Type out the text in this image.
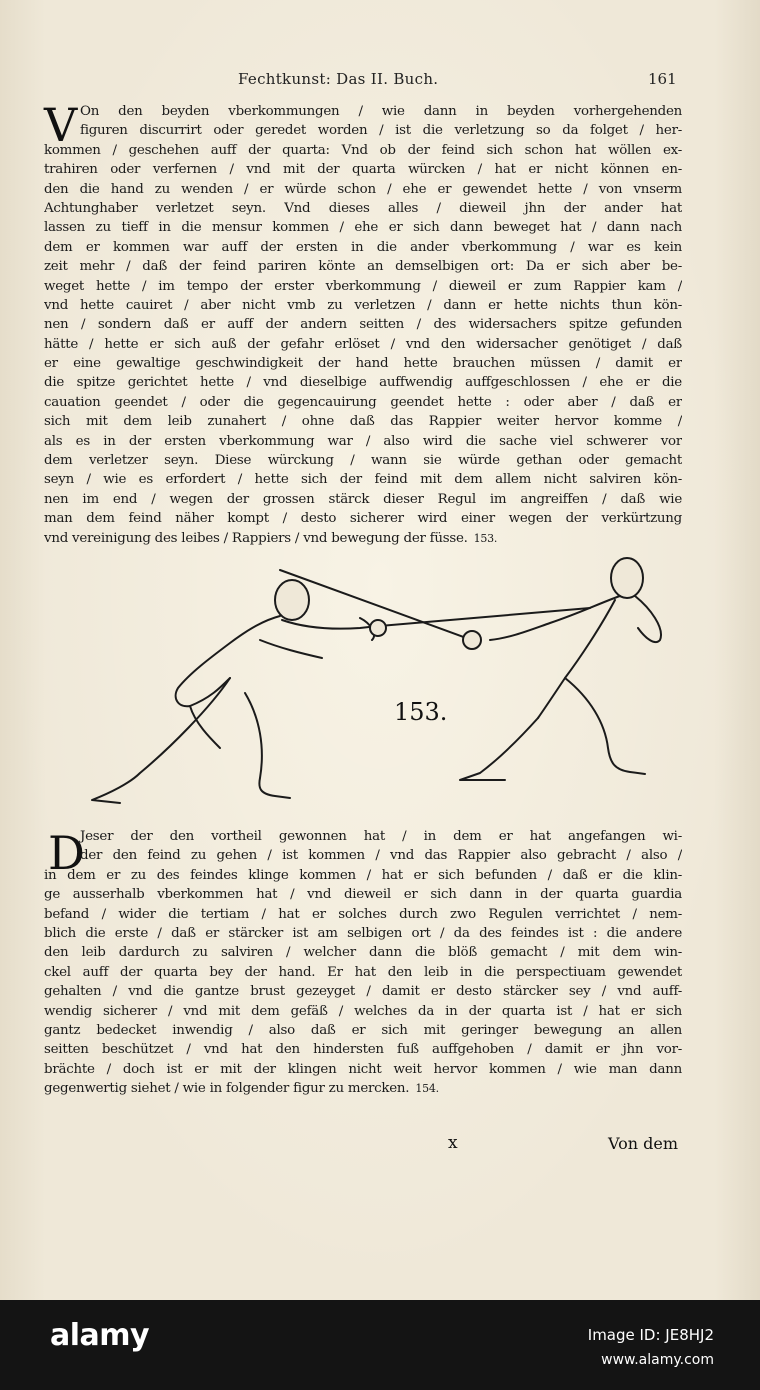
Fechtkunst: Das II. Buch.	161
V On den beyden vberkommungen / wie dann in beyden vorhergehenden
figuren discurrirt oder geredet worden / ist die verletzung so da folget / her-
kommen / geschehen auff der quarta: Vnd ob der feind sich schon hat wöllen ex-
trahiren oder verfernen / vnd mit der quarta würcken / hat er nicht können en-
den die hand zu wenden / er würde schon / ehe er gewendet hette / von vnserm
Achtunghaber verletzet seyn. Vnd dieses alles / dieweil jhn der ander hat
lassen zu tieff in die mensur kommen / ehe er sich dann beweget hat / dann nach
dem er kommen war auff der ersten in die ander vberkommung / war es kein
zeit mehr / daß der feind pariren könte an demselbigen ort: Da er sich aber be-
weget hette / im tempo der erster vberkommung / dieweil er zum Rappier kam /
vnd hette cauiret / aber nicht vmb zu verletzen / dann er hette nichts thun kön-
nen / sondern daß er auff der andern seitten / des widersachers spitze gefunden
hätte / hette er sich auß der gefahr erlöset / vnd den widersacher genötiget / daß
er eine gewaltige geschwindigkeit der hand hette brauchen müssen / damit er
die spitze gerichtet hette / vnd dieselbige auffwendig auffgeschlossen / ehe er die
cauation geendet / oder die gegencauirung geendet hette : oder aber / daß er
sich mit dem leib zunahert / ohne daß das Rappier weiter hervor komme /
als es in der ersten vberkommung war / also wird die sache viel schwerer vor
dem verletzer seyn. Diese würckung / wann sie würde gethan oder gemacht
seyn / wie es erfordert / hette sich der feind mit dem allem nicht salviren kön-
nen im end / wegen der grossen stärck dieser Regul im angreiffen / daß wie
man dem feind näher kompt / desto sicherer wird einer wegen der verkürtzung
vnd vereinigung des leibes / Rappiers / vnd bewegung der füsse. 153.
153.
D
Jeser der den vortheil gewonnen hat / in dem er hat angefangen wi-
der den feind zu gehen / ist kommen / vnd das Rappier also gebracht / also /
in dem er zu des feindes klinge kommen / hat er sich befunden / daß er die klin-
ge ausserhalb vberkommen hat / vnd dieweil er sich dann in der quarta guardia
befand / wider die tertiam / hat er solches durch zwo Regulen verrichtet / nem-
blich die erste / daß er stärcker ist am selbigen ort / da des feindes ist : die andere
den leib dardurch zu salviren / welcher dann die blöß gemacht / mit dem win-
ckel auff der quarta bey der hand. Er hat den leib in die perspectiuam gewendet
gehalten / vnd die gantze brust gezeyget / damit er desto stärcker sey / vnd auff-
wendig sicherer / vnd mit dem gefäß / welches da in der quarta ist / hat er sich
gantz bedecket inwendig / also daß er sich mit geringer bewegung an allen
seitten beschützet / vnd hat den hindersten fuß auffgehoben / damit er jhn vor-
brächte / doch ist er mit der klingen nicht weit hervor kommen / wie man dann
gegenwertig siehet / wie in folgender figur zu mercken. 154.
x	Von dem
alamy	Image ID: JE8HJ2
www.alamy.com
